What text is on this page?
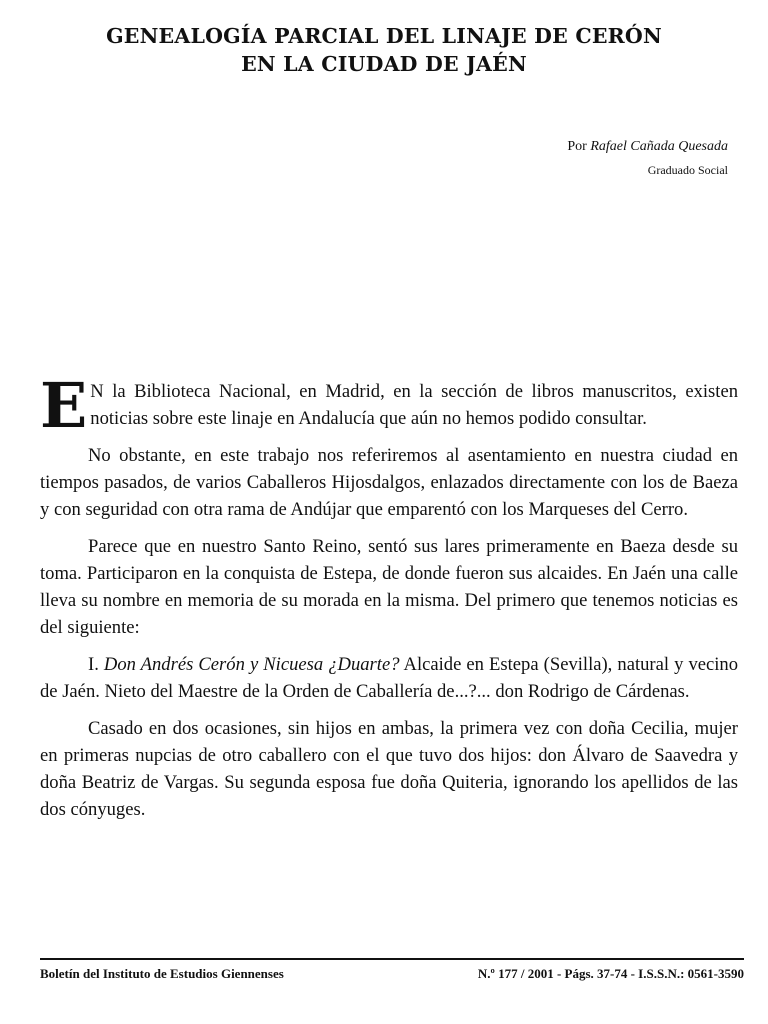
GENEALOGÍA PARCIAL DEL LINAJE DE CERÓN
EN LA CIUDAD DE JAÉN
Por Rafael Cañada Quesada
Graduado Social

E N la Biblioteca Nacional, en Madrid, en la sección de libros manuscritos, existen noticias sobre este linaje en Andalucía que aún no hemos podido consultar.

No obstante, en este trabajo nos referiremos al asentamiento en nuestra ciudad en tiempos pasados, de varios Caballeros Hijosdalgos, enlazados directamente con los de Baeza y con seguridad con otra rama de Andújar que emparentó con los Marqueses del Cerro.

Parece que en nuestro Santo Reino, sentó sus lares primeramente en Baeza desde su toma. Participaron en la conquista de Estepa, de donde fueron sus alcaides. En Jaén una calle lleva su nombre en memoria de su morada en la misma. Del primero que tenemos noticias es del siguiente:

I. Don Andrés Cerón y Nicuesa ¿Duarte? Alcaide en Estepa (Sevilla), natural y vecino de Jaén. Nieto del Maestre de la Orden de Caballería de...?... don Rodrigo de Cárdenas.

Casado en dos ocasiones, sin hijos en ambas, la primera vez con doña Cecilia, mujer en primeras nupcias de otro caballero con el que tuvo dos hijos: don Álvaro de Saavedra y doña Beatriz de Vargas. Su segunda esposa fue doña Quiteria, ignorando los apellidos de las dos cónyuges.

Boletín del Instituto de Estudios Giennenses	N.º 177 / 2001 - Págs. 37-74 - I.S.S.N.: 0561-3590
